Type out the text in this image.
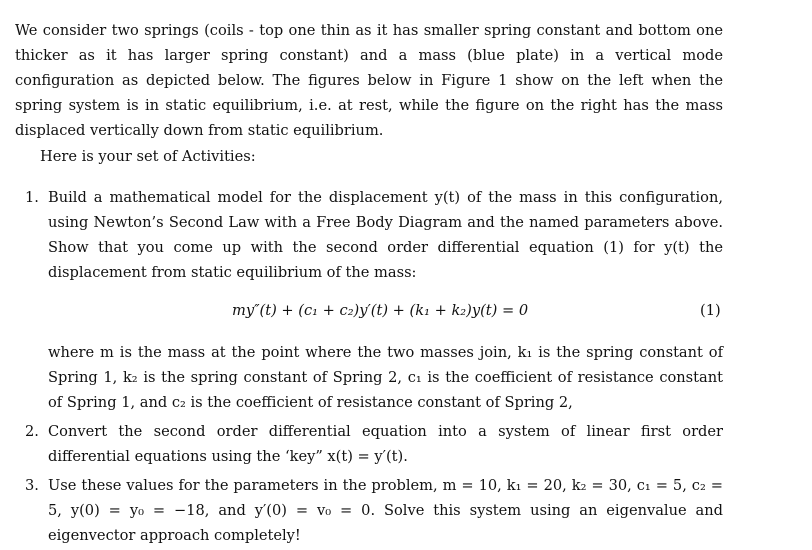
We consider two springs (coils - top one thin as it has smaller spring constant and bottom one thicker as it has larger spring constant) and a mass (blue plate) in a vertical mode configuration as depicted below. The figures below in Figure 1 show on the left when the spring system is in static equilibrium, i.e. at rest, while the figure on the right has the mass displaced vertically down from static equilibrium.

Here is your set of Activities:
1. Build a mathematical model for the displacement y(t) of the mass in this configuration, using Newton’s Second Law with a Free Body Diagram and the named parameters above. Show that you come up with the second order differential equation (1) for y(t) the displacement from static equilibrium of the mass:
my″(t) + (c₁ + c₂)y′(t) + (k₁ + k₂)y(t) = 0	(1)
where m is the mass at the point where the two masses join, k₁ is the spring constant of Spring 1, k₂ is the spring constant of Spring 2, c₁ is the coefficient of resistance constant of Spring 1, and c₂ is the coefficient of resistance constant of Spring 2,
2. Convert the second order differential equation into a system of linear first order differential equations using the ‘key” x(t) = y′(t).
3. Use these values for the parameters in the problem, m = 10, k₁ = 20, k₂ = 30, c₁ = 5, c₂ = 5, y(0) = y₀ = −18, and y′(0) = v₀ = 0. Solve this system using an eigenvalue and eigenvector approach completely!
